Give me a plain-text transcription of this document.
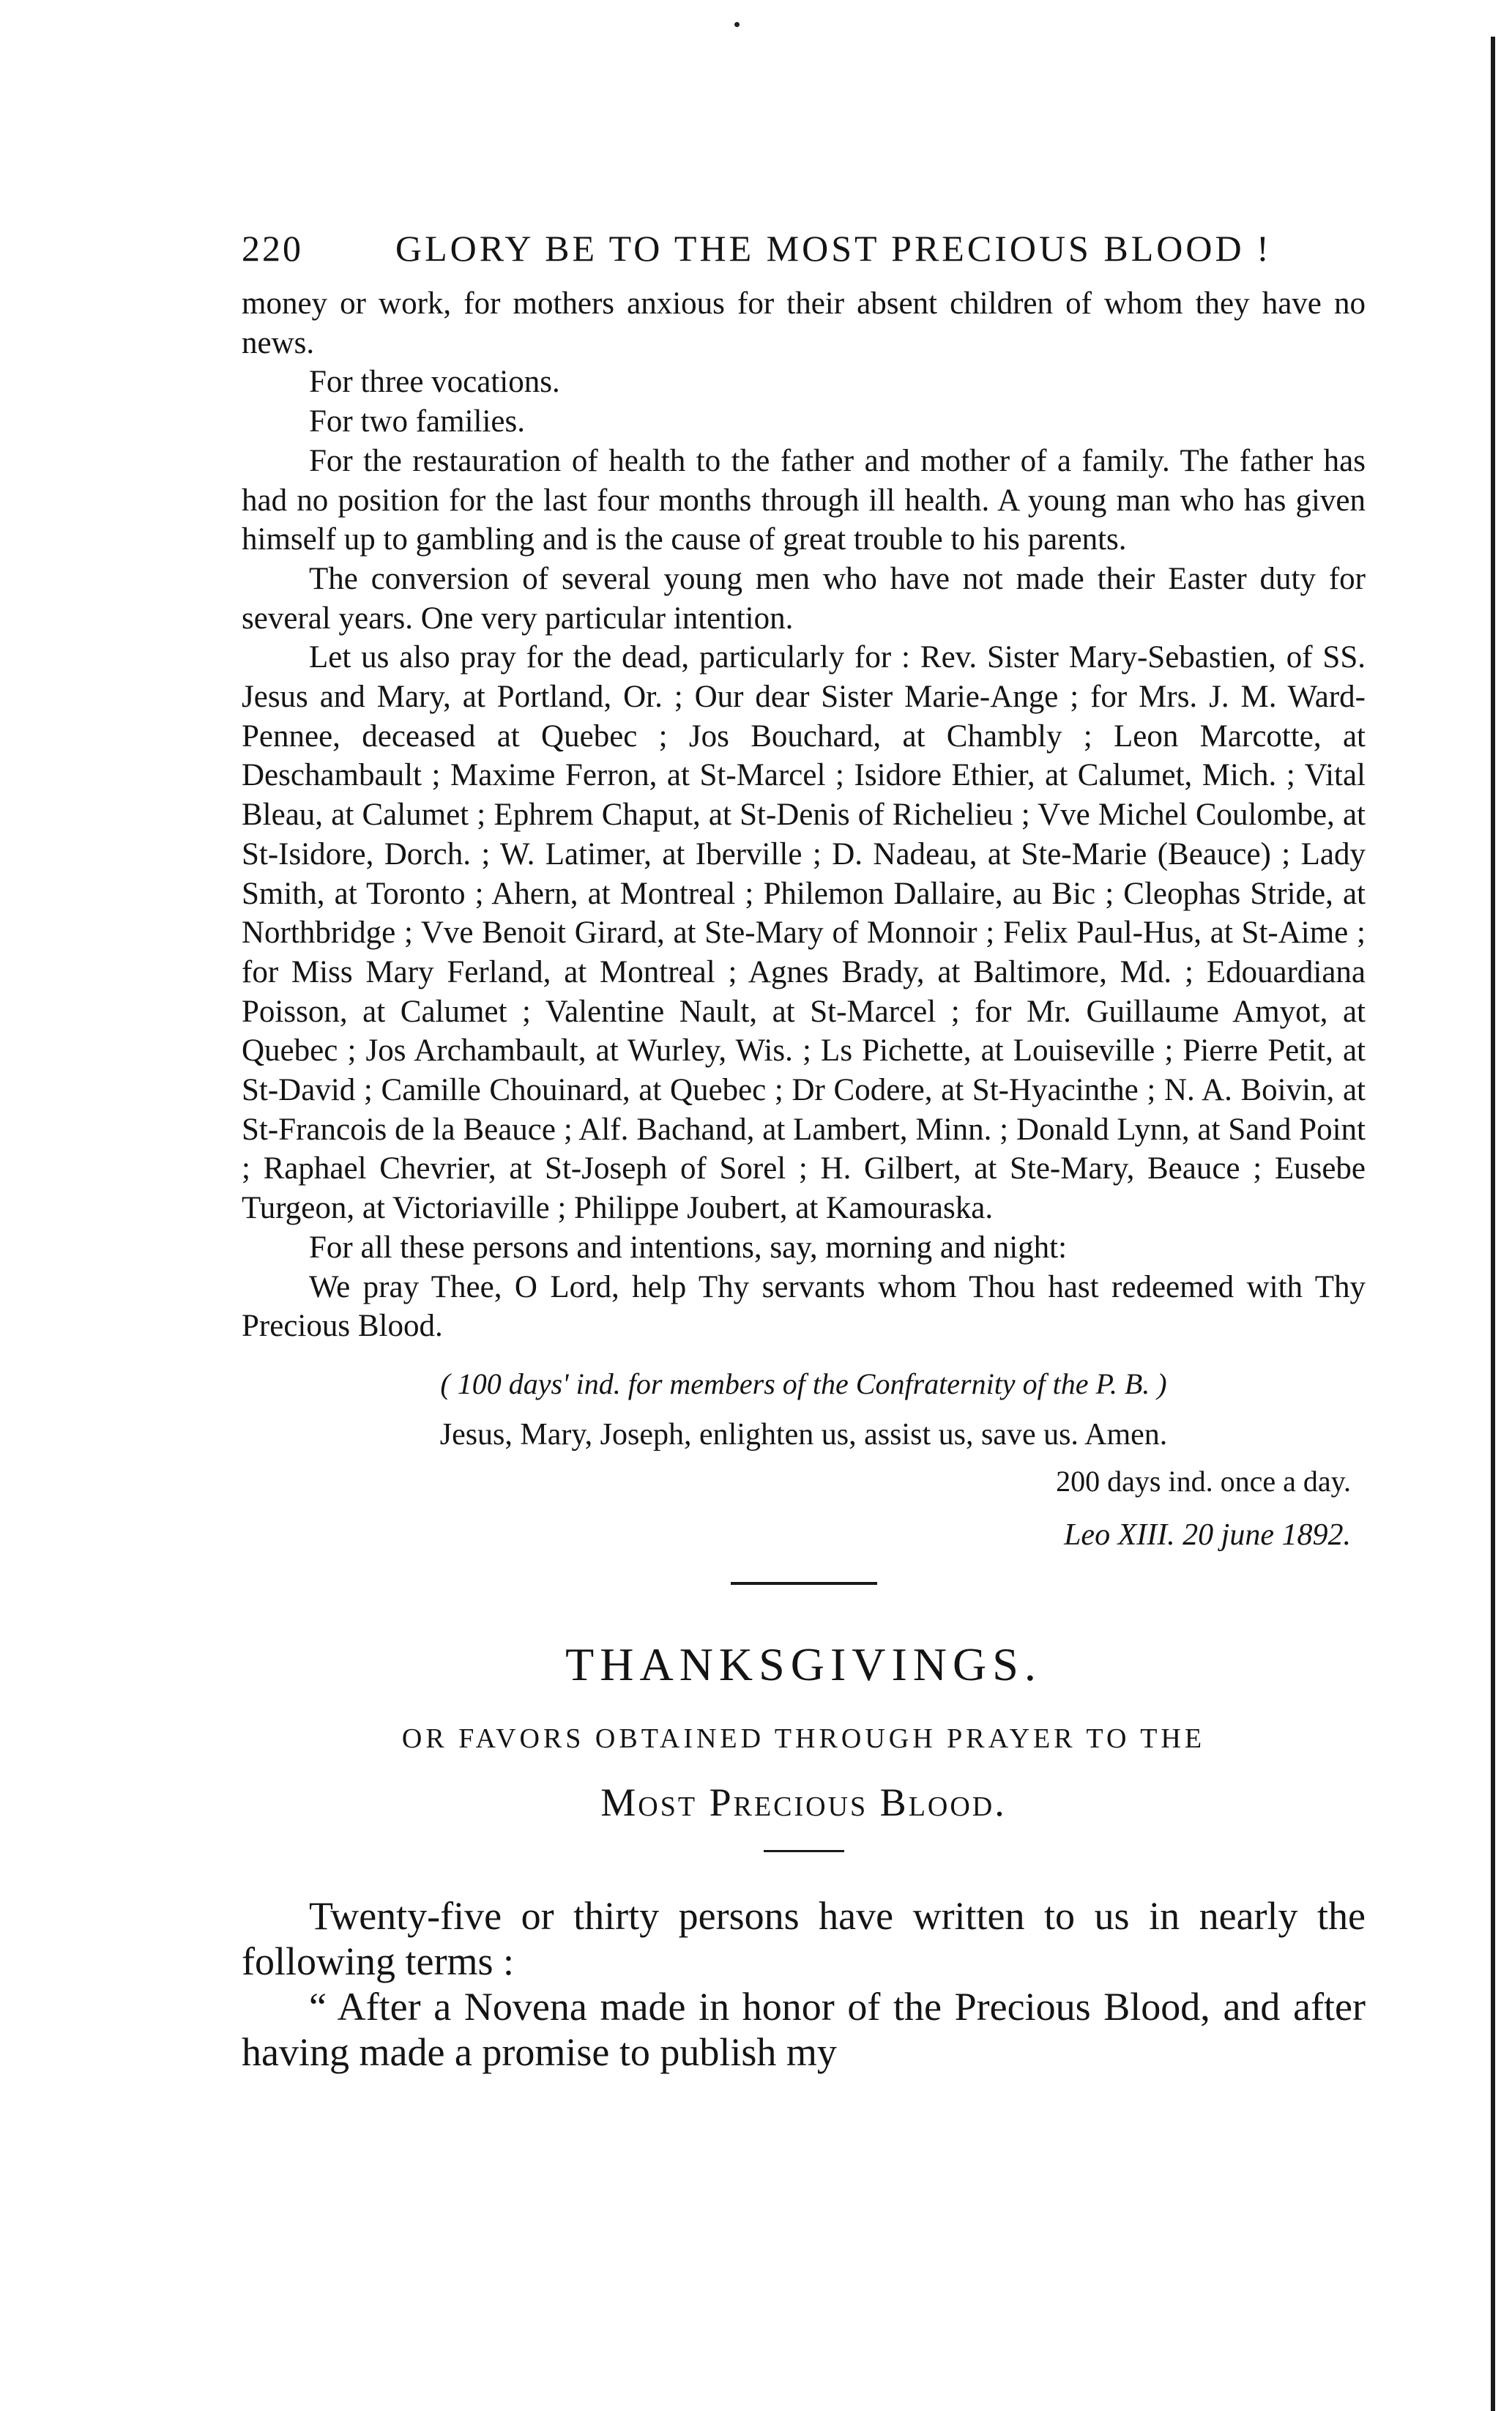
220	GLORY BE TO THE MOST PRECIOUS BLOOD !

money or work, for mothers anxious for their absent children of whom they have no news.

For three vocations.

For two families.

For the restauration of health to the father and mother of a family. The father has had no position for the last four months through ill health. A young man who has given himself up to gambling and is the cause of great trouble to his parents.

The conversion of several young men who have not made their Easter duty for several years. One very particular intention.

Let us also pray for the dead, particularly for : Rev. Sister Mary-Sebastien, of SS. Jesus and Mary, at Portland, Or. ; Our dear Sister Marie-Ange ; for Mrs. J. M. Ward-Pennee, deceased at Quebec ; Jos Bouchard, at Chambly ; Leon Marcotte, at Deschambault ; Maxime Ferron, at St-Marcel ; Isidore Ethier, at Calumet, Mich. ; Vital Bleau, at Calumet ; Ephrem Chaput, at St-Denis of Richelieu ; Vve Michel Coulombe, at St-Isidore, Dorch. ; W. Latimer, at Iberville ; D. Nadeau, at Ste-Marie (Beauce) ; Lady Smith, at Toronto ; Ahern, at Montreal ; Philemon Dallaire, au Bic ; Cleophas Stride, at Northbridge ; Vve Benoit Girard, at Ste-Mary of Monnoir ; Felix Paul-Hus, at St-Aime ; for Miss Mary Ferland, at Montreal ; Agnes Brady, at Baltimore, Md. ; Edouardiana Poisson, at Calumet ; Valentine Nault, at St-Marcel ; for Mr. Guillaume Amyot, at Quebec ; Jos Archambault, at Wurley, Wis. ; Ls Pichette, at Louiseville ; Pierre Petit, at St-David ; Camille Chouinard, at Quebec ; Dr Codere, at St-Hyacinthe ; N. A. Boivin, at St-Francois de la Beauce ; Alf. Bachand, at Lambert, Minn. ; Donald Lynn, at Sand Point ; Raphael Chevrier, at St-Joseph of Sorel ; H. Gilbert, at Ste-Mary, Beauce ; Eusebe Turgeon, at Victoriaville ; Philippe Joubert, at Kamouraska.

For all these persons and intentions, say, morning and night:

We pray Thee, O Lord, help Thy servants whom Thou hast redeemed with Thy Precious Blood.

( 100 days' ind. for members of the Confraternity of the P. B. )
Jesus, Mary, Joseph, enlighten us, assist us, save us. Amen.
200 days ind. once a day.
Leo XIII. 20 june 1892.
THANKSGIVINGS.
OR FAVORS OBTAINED THROUGH PRAYER TO THE
Most Precious Blood.

Twenty-five or thirty persons have written to us in nearly the following terms :

“ After a Novena made in honor of the Precious Blood, and after having made a promise to publish my
